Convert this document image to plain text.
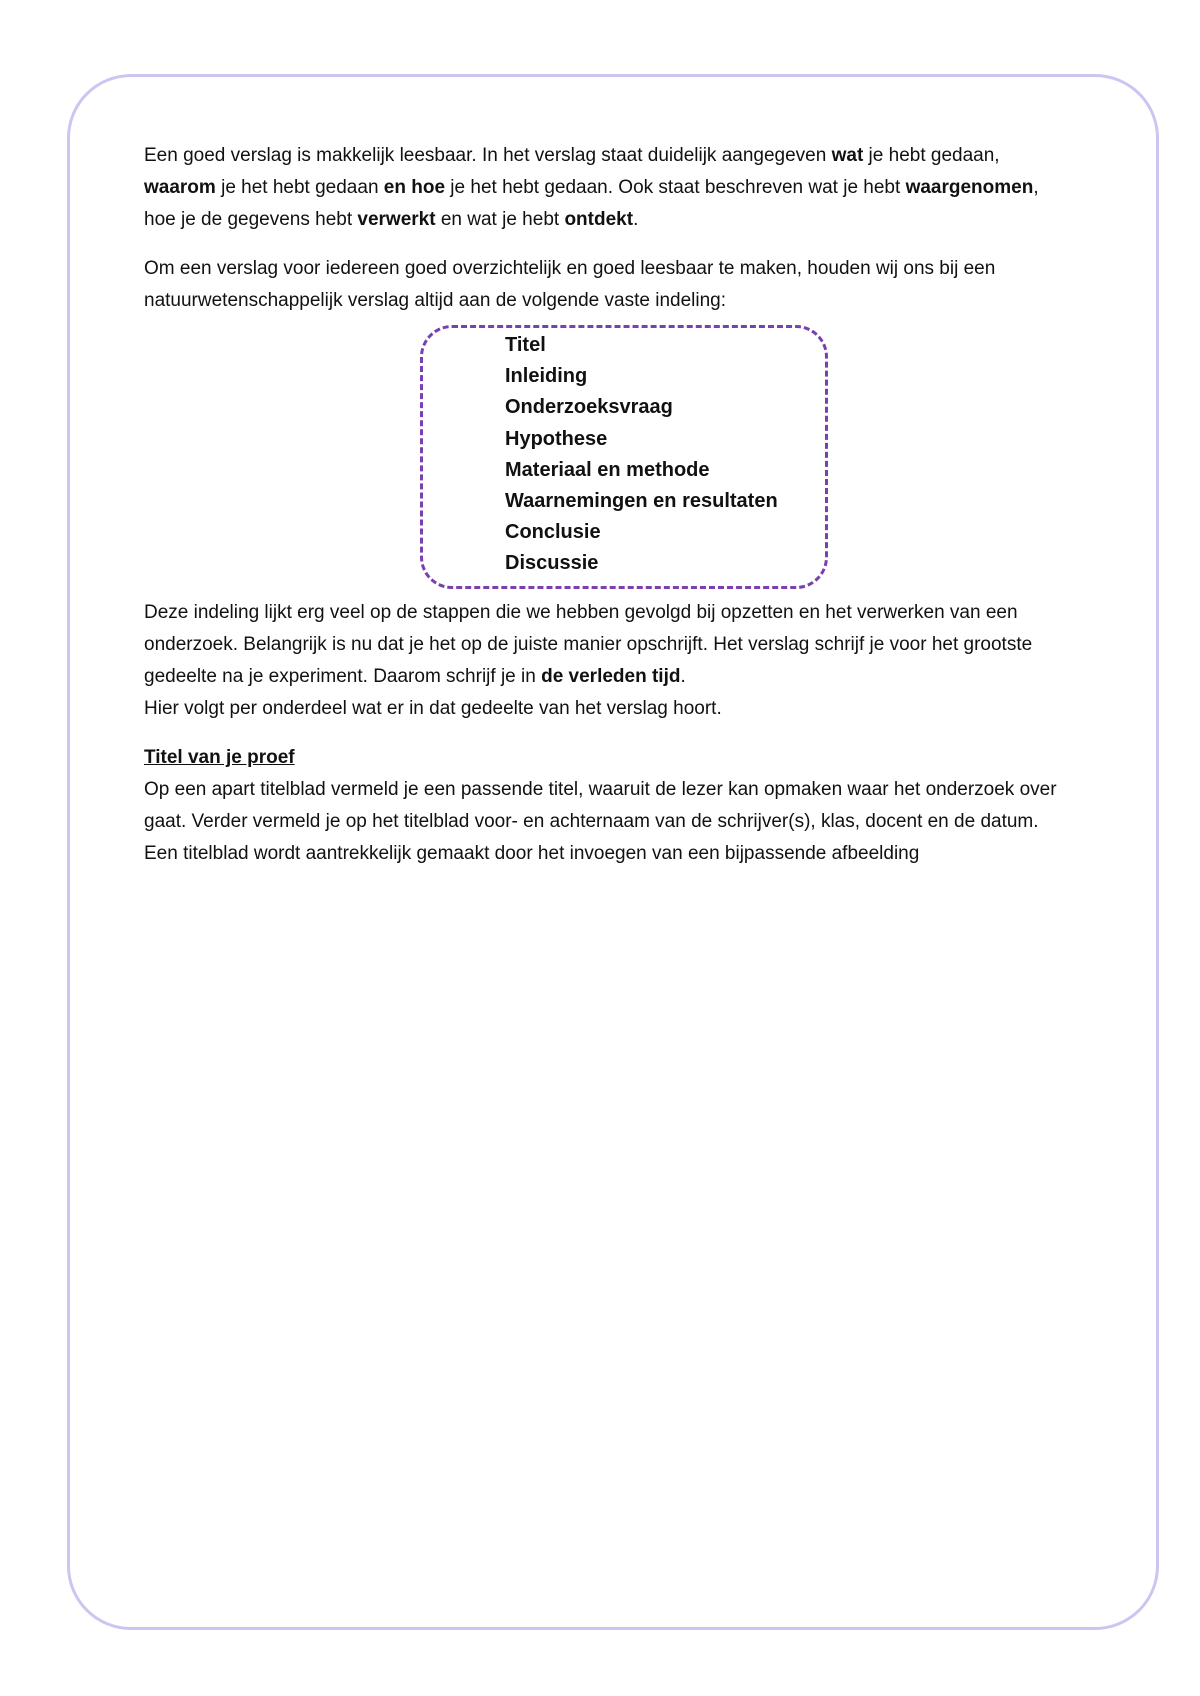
Een goed verslag is makkelijk leesbaar. In het verslag staat duidelijk aangegeven wat je hebt gedaan, waarom je het hebt gedaan en hoe je het hebt gedaan. Ook staat beschreven wat je hebt waargenomen, hoe je de gegevens hebt verwerkt en wat je hebt ontdekt.

Om een verslag voor iedereen goed overzichtelijk en goed leesbaar te maken, houden wij ons bij een natuurwetenschappelijk verslag altijd aan de volgende vaste indeling:

Titel
Inleiding
Onderzoeksvraag
Hypothese
Materiaal en methode
Waarnemingen en resultaten
Conclusie
Discussie

Deze indeling lijkt erg veel op de stappen die we hebben gevolgd bij opzetten en het verwerken van een onderzoek. Belangrijk is nu dat je het op de juiste manier opschrijft. Het verslag schrijf je voor het grootste gedeelte na je experiment. Daarom schrijf je in de verleden tijd.
Hier volgt per onderdeel wat er in dat gedeelte van het verslag hoort.

Titel van je proef

Op een apart titelblad vermeld je een passende titel, waaruit de lezer kan opmaken waar het onderzoek over gaat. Verder vermeld je op het titelblad voor- en achternaam van de schrijver(s), klas, docent en de datum. Een titelblad wordt aantrekkelijk gemaakt door het invoegen van een bijpassende afbeelding
